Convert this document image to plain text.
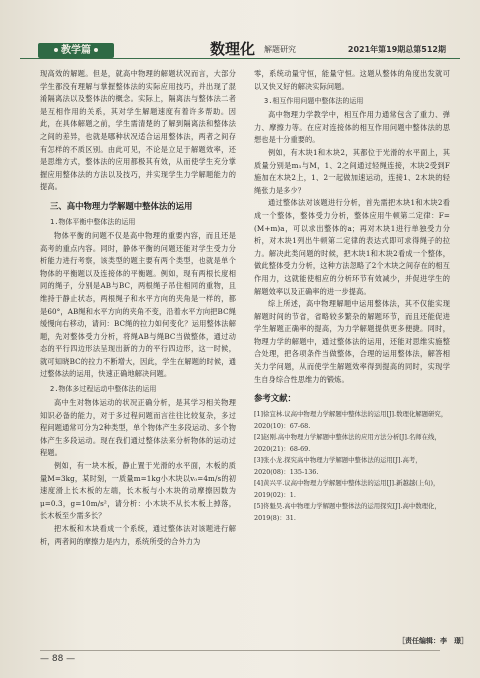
教学篇	数理化 解题研究	2021年第19期总第512期

现高效的解题。但是，就高中物理的解题状况而言，大部分学生都没有理解与掌握整体法的实际应用技巧，并出现了混淆隔离法以及整体法的概念。实际上，隔离法与整体法二者是互相作用的关系，其对学生解题速度有着许多帮助。因此，在具体解题之前，学生需清楚的了解到隔离法和整体法之间的差异，也就是哪种状况适合运用整体法，两者之间存有怎样的不质区别。由此可见，不论是立足于解题效率，还是思维方式，整体法的应用都极其有效，从而使学生充分掌握应用整体法的方法以及技巧，并实现学生力学解题能力的提高。

三、高中物理力学解题中整体法的运用
1.物体平衡中整体法的运用

物体平衡的问题不仅是高中物理的重要内容，而且还是高考的重点内容。同时，静体平衡的问题还能对学生受力分析能力进行考察，该类型的题主要有两个类型，也就是单个物体的平衡题以及连接体的平衡题。例如，现有两根长度相同的绳子，分别是AB与BC，两根绳子吊住相同的重物，且维持于静止状态，两根绳子和水平方向的夹角是一样的，都是60°，AB绳和水平方向的夹角不变，沿着水平方向把BC绳缓慢向右移动，请问：BC绳的拉力如何变化？运用整体法解题，先对整体受力分析，将绳AB与绳BC当做整体，通过动态的平行四边形法呈现出新的力的平行四边形，这一时候，就可知晓BC的拉力不断增大，因此，学生在解题的时候，通过整体法的运用，快速正确地解决问题。

2.物体多过程运动中整体法的运用

高中生对物体运动的状况正确分析，是其学习相关物理知识必备的能力，对于多过程问题而言往往比较复杂，多过程问题通常可分为2种类型，单个物体产生多段运动、多个物体产生多段运动。现在我们通过整体法来分析物体的运动过程题。

例如，有一块木板，静止置于光滑的水平面，木板的质量M=3kg，某时刻，一质量m=1kg小木块以v₀=4m/s的初速度滑上长木板的左端，长木板与小木块的动摩擦因数为μ=0.3，g=10m/s²，请分析：小木块不从长木板上掉落，长木板至少需多长？

把木板和木块看成一个系统，通过整体法对该题进行解析，两者间的摩擦力是内力，系统所受的合外力为

零，系统动量守恒，能量守恒。这题从整体的角度出发就可以又快又好的解决实际问题。

3.相互作用问题中整体法的运用

高中物理力学教学中，相互作用力通常包含了重力、弹力、摩擦力等。在应对连接体的相互作用问题中整体法的思想也是十分重要的。

例如，有木块1和木块2，其都位于光滑的水平面上，其质量分别是m₁与M，1、2之间通过轻绳连接，木块2受到F施加在木块2上，1、2一起做加速运动，连接1、2木块的轻绳张力是多少？

通过整体法对该题进行分析，首先需把木块1和木块2看成一个整体，整体受力分析，整体应用牛顿第二定律：F=(M+m)a，可以求出整体的a；再对木块1进行单独受力分析，对木块1列出牛顿第二定律的表达式即可求得绳子的拉力。解决此类问题的时候，把木块1和木块2看成一个整体，做此整体受力分析，这种方法忽略了2个木块之间存在的相互作用力，这就能使相应的分析环节有效减少，并促进学生的解题效率以及正确率的进一步提高。

综上所述，高中物理解题中运用整体法，其不仅能实现解题时间的节省，省略较多繁杂的解题环节，而且还能促进学生解题正确率的提高，为力学解题提供更多便捷。同时，物理力学的解题中，通过整体法的运用，还能对思维实施整合处理，把各项条件当做整体，合理的运用整体法，解答相关力学问题，从而使学生解题效率得到提高的同时，实现学生自身综合性思维力的锻炼。

参考文献：

[1]徐宜林.议高中物理力学解题中整体法的运用[J].数理化解题研究，2020(10)：67-68.

[2]赵刚.高中物理力学解题中整体法的应用方法分析[J].名师在线，2020(21)：68-69.

[3]张小龙.探究高中物理力学解题中整体法的运用[J].高考，2020(08)：135-136.

[4]黄兴平.议高中物理力学解题中整体法的运用[J].新越越(上旬)，2019(02)：1.

[5]佟魁昊.高中物理力学解题中整体法的运用探究[J].高中数理化，2019(8)：31.

［责任编辑：李　璟］
— 88 —
